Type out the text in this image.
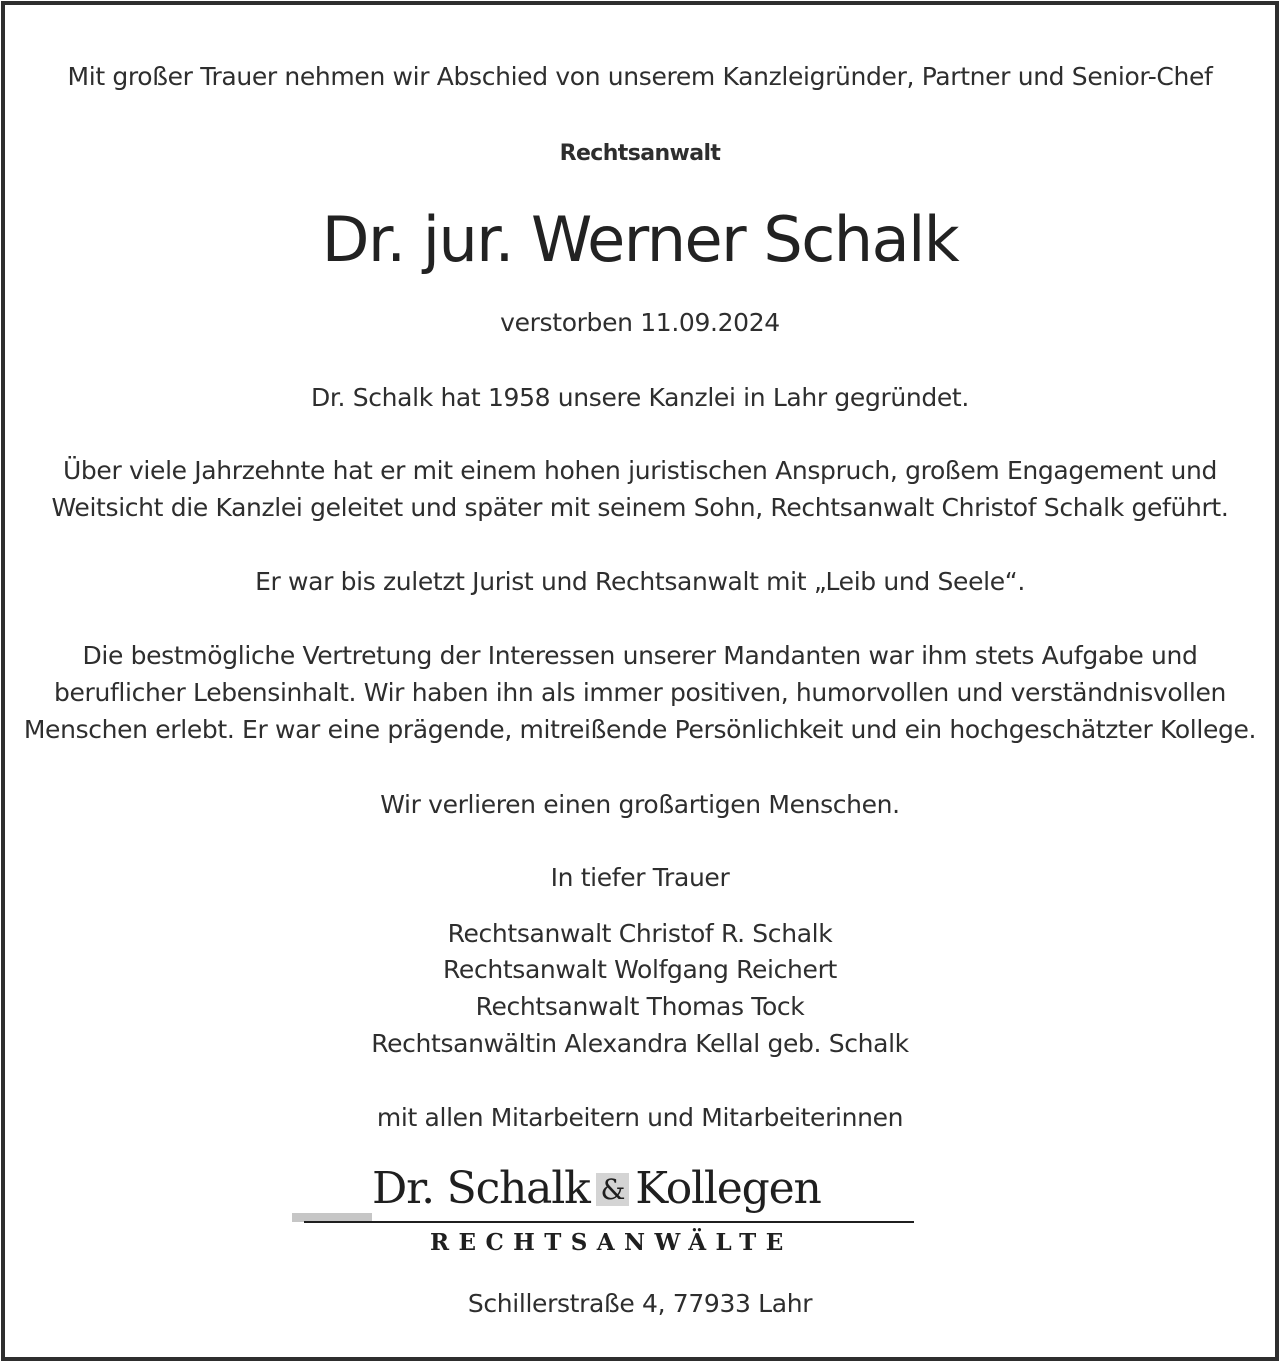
Mit großer Trauer nehmen wir Abschied von unserem Kanzleigründer, Partner und Senior-Chef
Rechtsanwalt
Dr. jur. Werner Schalk
verstorben 11.09.2024
Dr. Schalk hat 1958 unsere Kanzlei in Lahr gegründet.
Über viele Jahrzehnte hat er mit einem hohen juristischen Anspruch, großem Engagement und
Weitsicht die Kanzlei geleitet und später mit seinem Sohn, Rechtsanwalt Christof Schalk geführt.
Er war bis zuletzt Jurist und Rechtsanwalt mit „Leib und Seele“.
Die bestmögliche Vertretung der Interessen unserer Mandanten war ihm stets Aufgabe und
beruflicher Lebensinhalt. Wir haben ihn als immer positiven, humorvollen und verständnisvollen
Menschen erlebt. Er war eine prägende, mitreißende Persönlichkeit und ein hochgeschätzter Kollege.
Wir verlieren einen großartigen Menschen.
In tiefer Trauer
Rechtsanwalt Christof R. Schalk
Rechtsanwalt Wolfgang Reichert
Rechtsanwalt Thomas Tock
Rechtsanwältin Alexandra Kellal geb. Schalk
mit allen Mitarbeitern und Mitarbeiterinnen
Dr. Schalk & Kollegen
RECHTSANWÄLTE
Schillerstraße 4, 77933 Lahr
